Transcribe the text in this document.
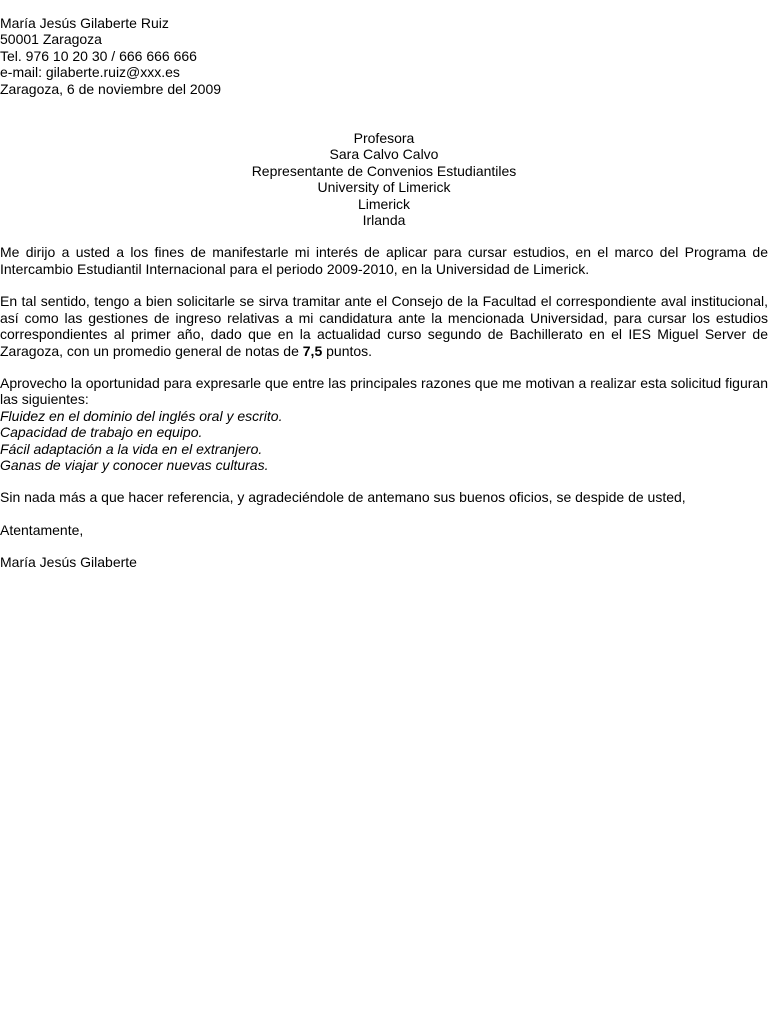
María Jesús Gilaberte Ruiz
50001 Zaragoza
Tel. 976 10 20 30 / 666 666 666
e-mail: gilaberte.ruiz@xxx.es
Zaragoza, 6 de noviembre del 2009
Profesora
Sara Calvo Calvo
Representante de Convenios Estudiantiles
University of Limerick
Limerick
Irlanda

Me dirijo a usted a los fines de manifestarle mi interés de aplicar para cursar estudios, en el marco del Programa de Intercambio Estudiantil Internacional para el periodo 2009-2010, en la Universidad de Limerick.

En tal sentido, tengo a bien solicitarle se sirva tramitar ante el Consejo de la Facultad el correspondiente aval institucional, así como las gestiones de ingreso relativas a mi candidatura ante la mencionada Universidad, para cursar los estudios correspondientes al primer año, dado que en la actualidad curso segundo de Bachillerato en el IES Miguel Server de Zaragoza, con un promedio general de notas de 7,5 puntos.

Aprovecho la oportunidad para expresarle que entre las principales razones que me motivan a realizar esta solicitud figuran las siguientes:

Fluidez en el dominio del inglés oral y escrito.
Capacidad de trabajo en equipo.
Fácil adaptación a la vida en el extranjero.
Ganas de viajar y conocer nuevas culturas.

Sin nada más a que hacer referencia, y agradeciéndole de antemano sus buenos oficios, se despide de usted,

Atentamente,
María Jesús Gilaberte
